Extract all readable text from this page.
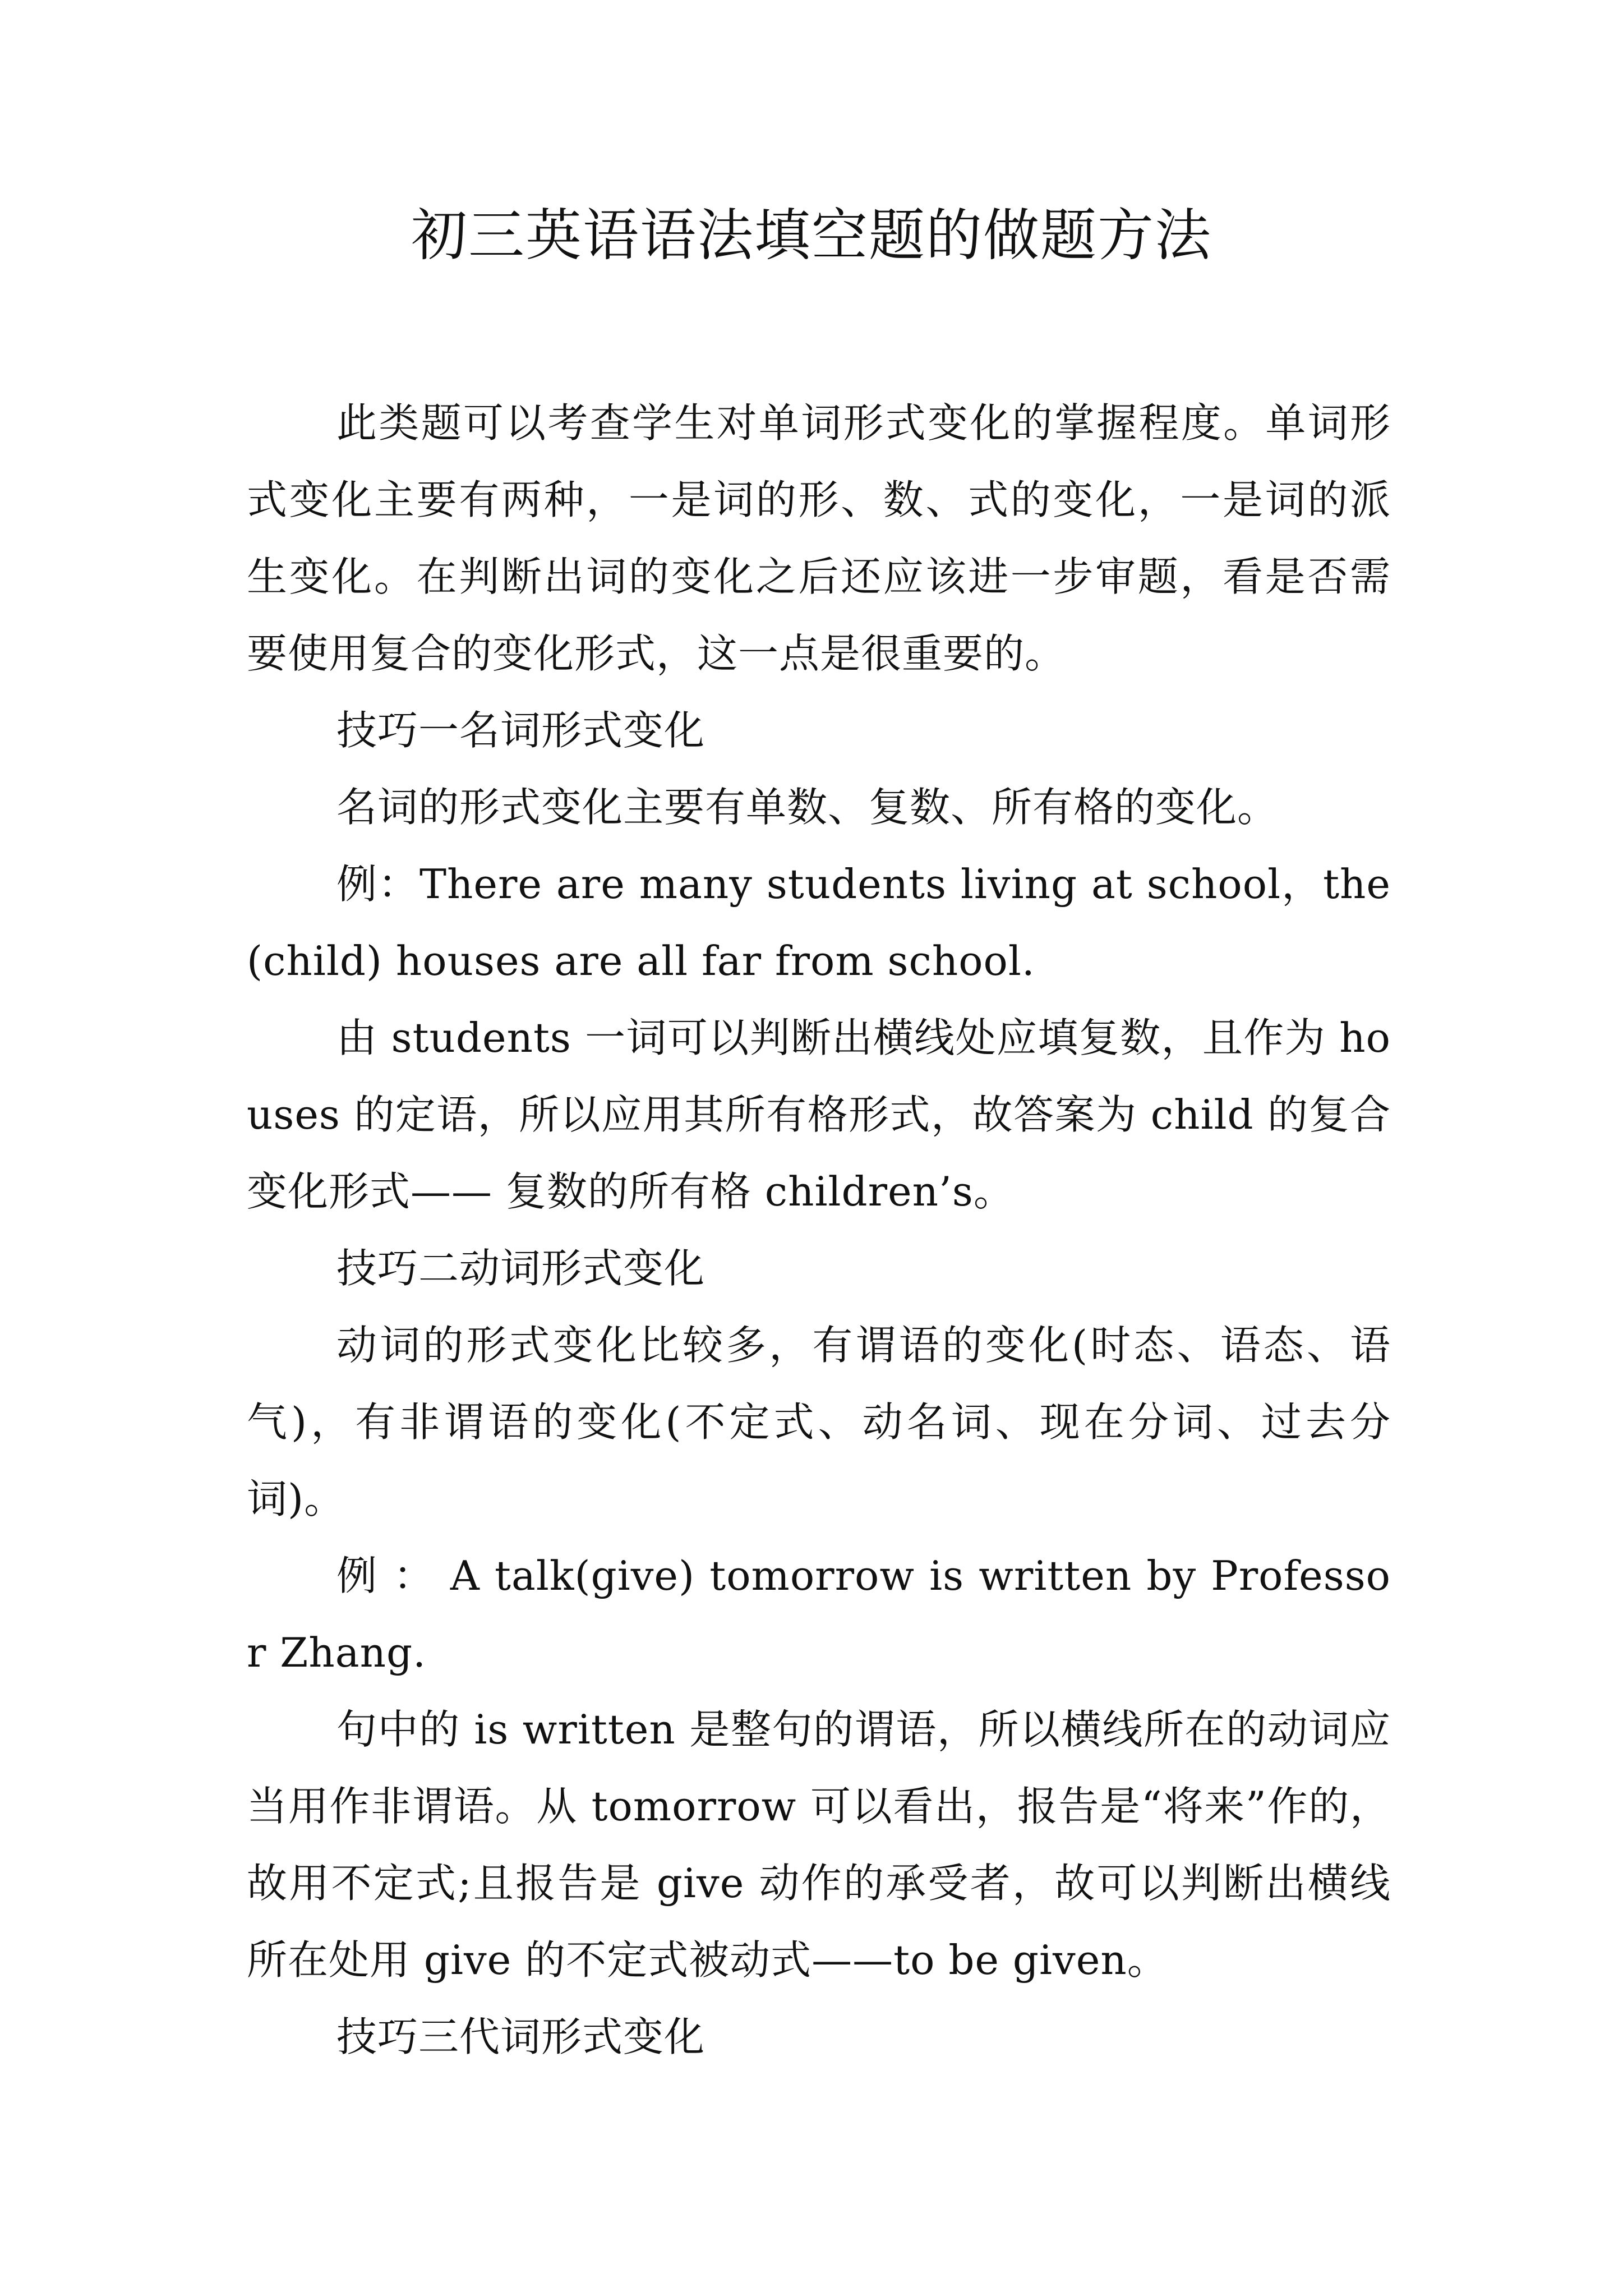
初三英语语法填空题的做题方法

此类题可以考查学生对单词形式变化的掌握程度。单词形式变化主要有两种，一是词的形、数、式的变化，一是词的派生变化。在判断出词的变化之后还应该进一步审题，看是否需要使用复合的变化形式，这一点是很重要的。

技巧一名词形式变化

名词的形式变化主要有单数、复数、所有格的变化。

例：There are many students living at school，the(child) houses are all far from school.

由 students 一词可以判断出横线处应填复数，且作为 houses 的定语，所以应用其所有格形式，故答案为 child 的复合变化形式—— 复数的所有格 children’s。

技巧二动词形式变化

动词的形式变化比较多，有谓语的变化(时态、语态、语气)，有非谓语的变化(不定式、动名词、现在分词、过去分词)。

例 ： A talk(give) tomorrow is written by Professor Zhang.

句中的 is written 是整句的谓语，所以横线所在的动词应当用作非谓语。从 tomorrow 可以看出，报告是“将来”作的，故用不定式;且报告是 give 动作的承受者，故可以判断出横线所在处用 give 的不定式被动式——to be given。

技巧三代词形式变化
